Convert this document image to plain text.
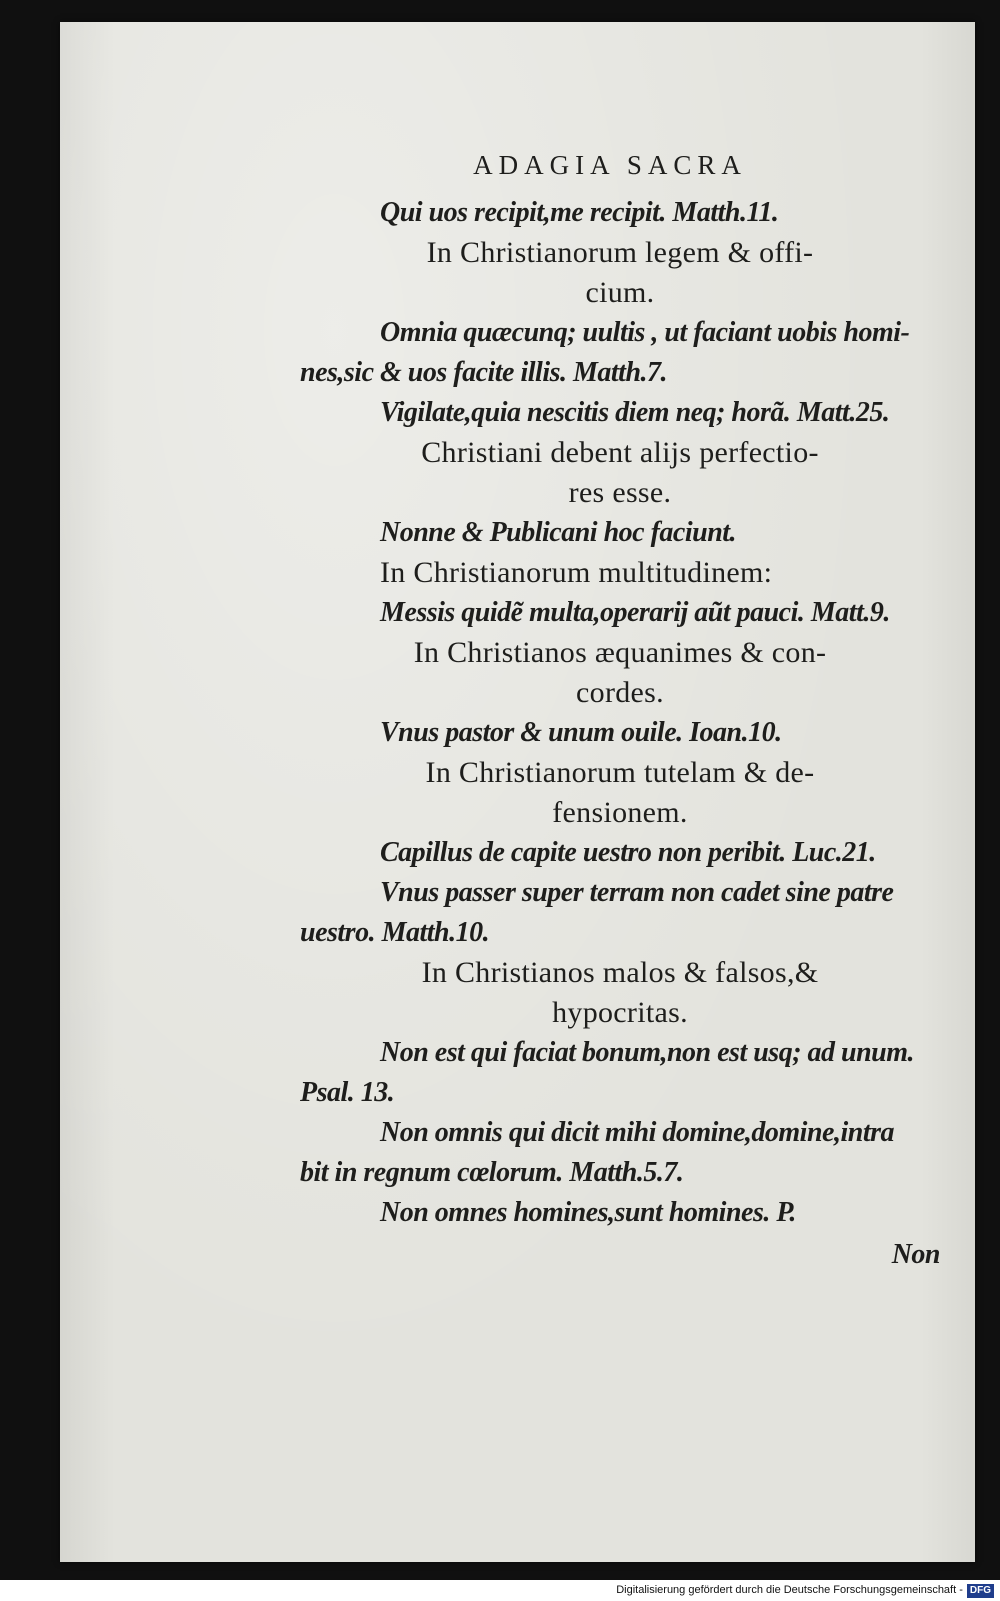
ADAGIA SACRA
Qui uos recipit,me recipit. Matth.11.
In Christianorum legem & offi-
cium.
Omnia quæcunq; uultis , ut faciant uobis homi-
nes,sic & uos facite illis. Matth.7.
Vigilate,quia nescitis diem neq; horã. Matt.25.
Christiani debent alijs perfectio-
res esse.
Nonne & Publicani hoc faciunt.
In Christianorum multitudinem:
Messis quidẽ multa,operarij aũt pauci. Matt.9.
In Christianos æquanimes & con-
cordes.
Vnus pastor & unum ouile. Ioan.10.
In Christianorum tutelam & de-
fensionem.
Capillus de capite uestro non peribit. Luc.21.
Vnus passer super terram non cadet sine patre
uestro. Matth.10.
In Christianos malos & falsos,&
hypocritas.
Non est qui faciat bonum,non est usq; ad unum.
Psal. 13.
Non omnis qui dicit mihi domine,domine,intra
bit in regnum cœlorum. Matth.5.7.
Non omnes homines,sunt homines. P.
Non
Digitalisierung gefördert durch die Deutsche Forschungsgemeinschaft - DFG
